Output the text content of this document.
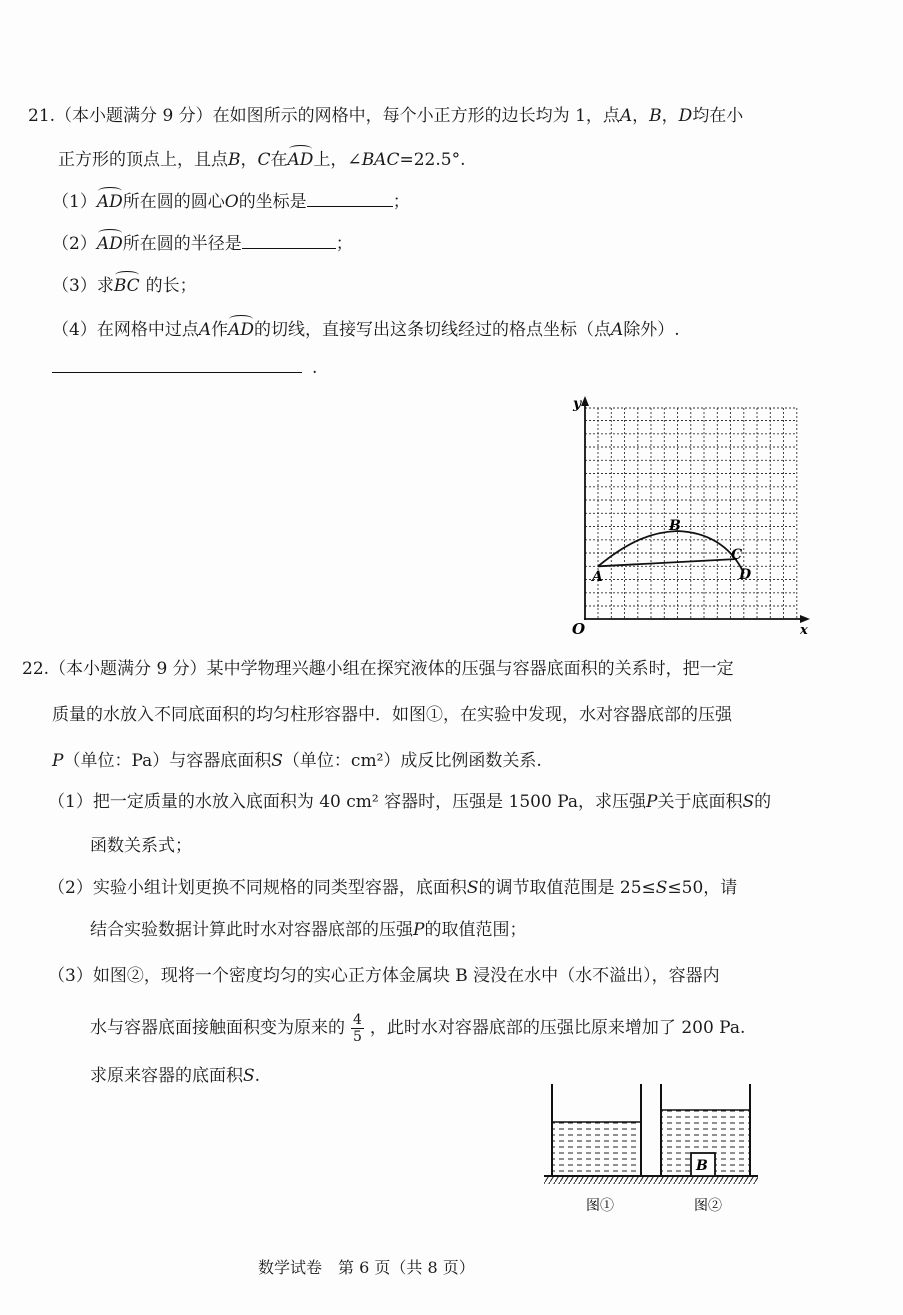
21.（本小题满分 9 分）在如图所示的网格中，每个小正方形的边长均为 1，点A，B，D均在小
正方形的顶点上，且点B，C在AD上，∠BAC=22.5°.
（1）AD所在圆的圆心O的坐标是	；
（2）AD所在圆的半径是	；
（3）求BC 的长；
（4）在网格中过点A作AD的切线，直接写出这条切线经过的格点坐标（点A除外）.
.
y
x
O
A
B
C
D
22.（本小题满分 9 分）某中学物理兴趣小组在探究液体的压强与容器底面积的关系时，把一定
质量的水放入不同底面积的均匀柱形容器中．如图①，在实验中发现，水对容器底部的压强
P（单位：Pa）与容器底面积S（单位：cm²）成反比例函数关系.
（1）把一定质量的水放入底面积为 40 cm² 容器时，压强是 1500 Pa，求压强P关于底面积S的
函数关系式；
（2）实验小组计划更换不同规格的同类型容器，底面积S的调节取值范围是 25≤S≤50，请
结合实验数据计算此时水对容器底部的压强P的取值范围；
（3）如图②，现将一个密度均匀的实心正方体金属块 B 浸没在水中（水不溢出），容器内
水与容器底面接触面积变为原来的 $\frac{4}{5}$ ，此时水对容器底部的压强比原来增加了 200 Pa.
求原来容器的底面积S.
B
图①	图②
数学试卷　第 6 页（共 8 页）
